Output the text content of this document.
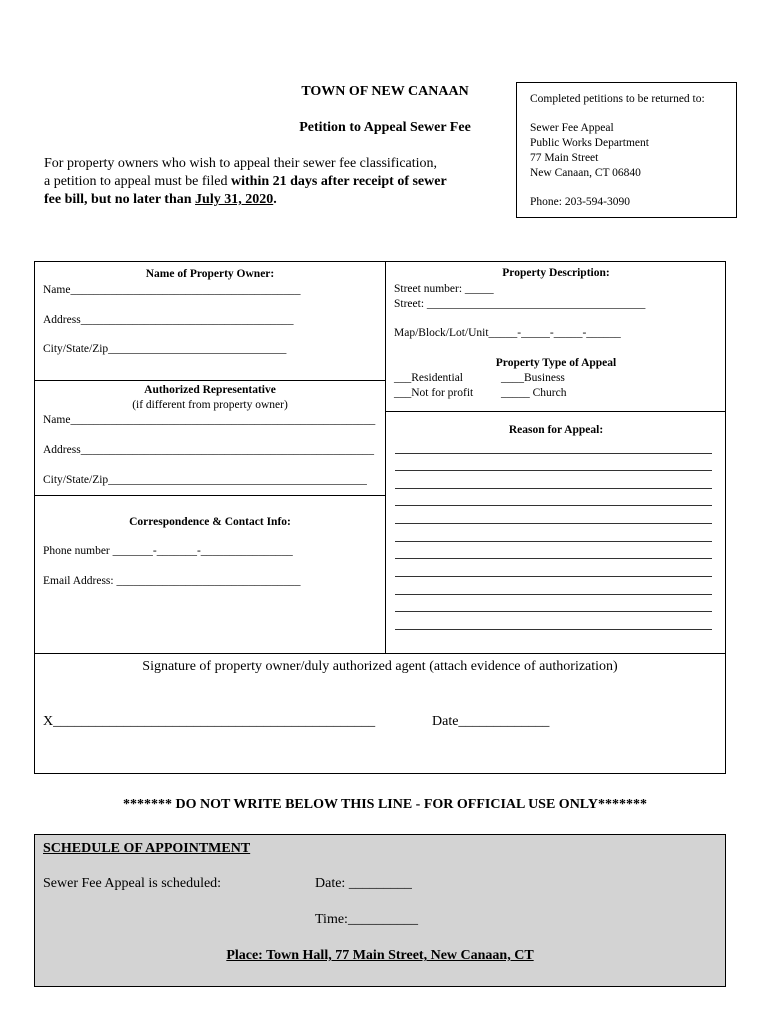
TOWN OF NEW CANAAN
Petition to Appeal Sewer Fee
For property owners who wish to appeal their sewer fee classification,
a petition to appeal must be filed within 21 days after receipt of sewer
fee bill, but no later than July 31, 2020.
Completed petitions to be returned to:
Sewer Fee Appeal
Public Works Department
77 Main Street
New Canaan, CT 06840
Phone: 203-594-3090
Name of Property Owner:
Name________________________________________
Address_____________________________________
City/State/Zip_______________________________
Authorized Representative
(if different from property owner)
Name_____________________________________________________
Address___________________________________________________
City/State/Zip_____________________________________________
Correspondence & Contact Info:
Phone number _______-_______-________________
Email Address: ________________________________
Property Description:
Street number: _____
Street: ______________________________________
Map/Block/Lot/Unit_____-_____-_____-______
Property Type of Appeal
___Residential	____Business
___Not for profit _____ Church
Reason for Appeal:
Signature of property owner/duly authorized agent (attach evidence of authorization)
X______________________________________________	Date_____________
******* DO NOT WRITE BELOW THIS LINE - FOR OFFICIAL USE ONLY*******
SCHEDULE OF APPOINTMENT
Sewer Fee Appeal is scheduled:	Date: _________
Time:__________
Place: Town Hall, 77 Main Street, New Canaan, CT
